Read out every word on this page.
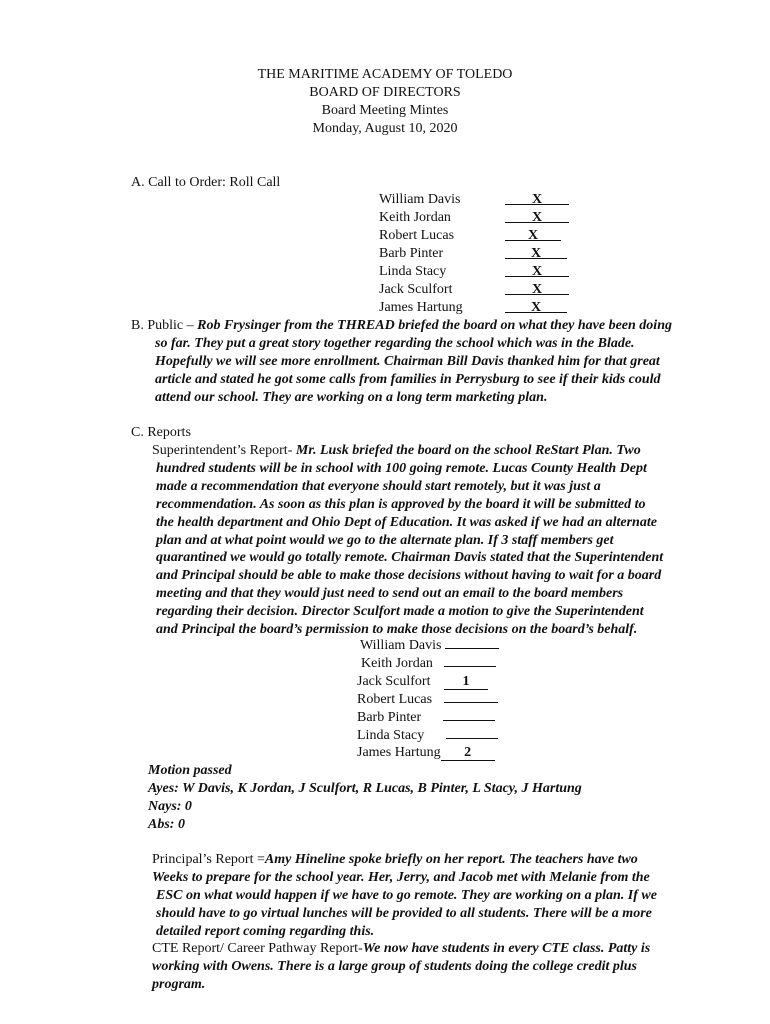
THE MARITIME ACADEMY OF TOLEDO
BOARD OF DIRECTORS
Board Meeting Mintes
Monday, August 10, 2020
A. Call to Order: Roll Call
William Davis	X
Keith Jordan	X
Robert Lucas	X
Barb Pinter	X
Linda Stacy	X
Jack Sculfort	X
James Hartung	X
B. Public – Rob Frysinger from the THREAD briefed the board on what they have been doing
so far. They put a great story together regarding the school which was in the Blade.
Hopefully we will see more enrollment. Chairman Bill Davis thanked him for that great
article and stated he got some calls from families in Perrysburg to see if their kids could
attend our school. They are working on a long term marketing plan.
C. Reports
Superintendent’s Report- Mr. Lusk briefed the board on the school ReStart Plan. Two
hundred students will be in school with 100 going remote. Lucas County Health Dept
made a recommendation that everyone should start remotely, but it was just a
recommendation. As soon as this plan is approved by the board it will be submitted to
the health department and Ohio Dept of Education. It was asked if we had an alternate
plan and at what point would we go to the alternate plan. If 3 staff members get
quarantined we would go totally remote. Chairman Davis stated that the Superintendent
and Principal should be able to make those decisions without having to wait for a board
meeting and that they would just need to send out an email to the board members
regarding their decision. Director Sculfort made a motion to give the Superintendent
and Principal the board’s permission to make those decisions on the board’s behalf.
William Davis
Keith Jordan
Jack Sculfort 1
Robert Lucas
Barb Pinter
Linda Stacy
James Hartung 2
Motion passed
Ayes: W Davis, K Jordan, J Sculfort, R Lucas, B Pinter, L Stacy, J Hartung
Nays: 0
Abs: 0
Principal’s Report =Amy Hineline spoke briefly on her report. The teachers have two
Weeks to prepare for the school year. Her, Jerry, and Jacob met with Melanie from the
ESC on what would happen if we have to go remote. They are working on a plan. If we
should have to go virtual lunches will be provided to all students. There will be a more
detailed report coming regarding this.
CTE Report/ Career Pathway Report-We now have students in every CTE class. Patty is
working with Owens. There is a large group of students doing the college credit plus
program.
